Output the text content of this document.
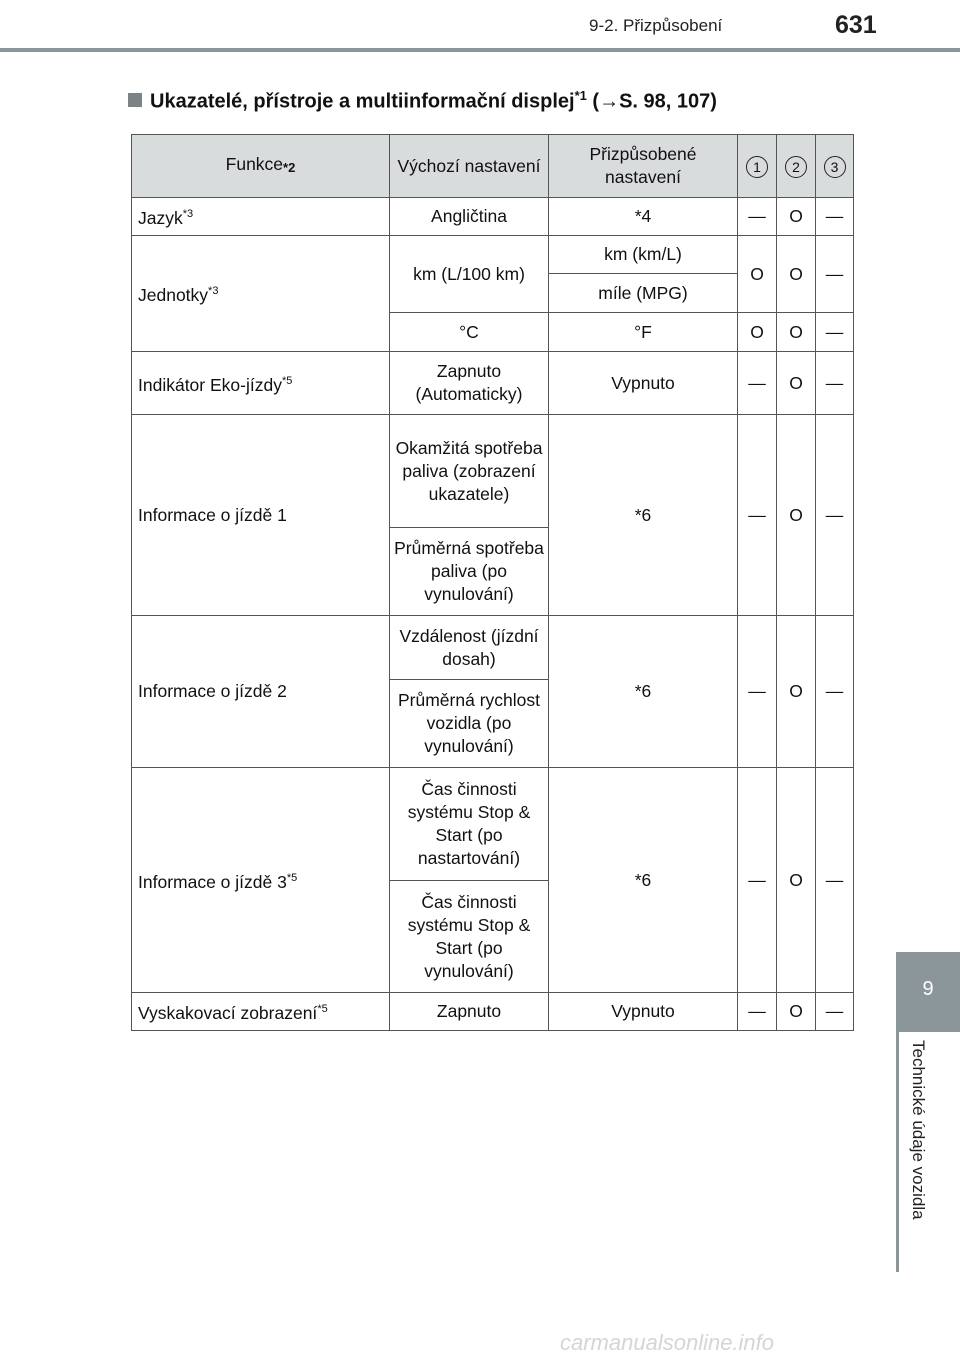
9-2. Přizpůsobení	631
Ukazatelé, přístroje a multiinformační displej$^{*1}$ (→S. 98, 107)
Funkce$^{*2}$	Výchozí nastavení	Přizpůsobené nastavení	1	2	3
Jazyk$^{*3}$	Angličtina	*4	—	O	—
Jednotky$^{*3}$	km (L/100 km)	km (km/L)	O	O	—
		míle (MPG)			
	°C	°F	O	O	—
Indikátor Eko-jízdy$^{*5}$	Zapnuto (Automaticky)	Vypnuto	—	O	—
Informace o jízdě 1	Okamžitá spotřeba paliva (zobrazení ukazatele)	*6	—	O	—
	Průměrná spotřeba paliva (po vynulování)				
Informace o jízdě 2	Vzdálenost (jízdní dosah)	*6	—	O	—
	Průměrná rychlost vozidla (po vynulování)				
Informace o jízdě 3$^{*5}$	Čas činnosti systému Stop & Start (po nastartování)	*6	—	O	—
	Čas činnosti systému Stop & Start (po vynulování)				
Vyskakovací zobrazení$^{*5}$	Zapnuto	Vypnuto	—	O	—
9
Technické údaje vozidla
carmanualsonline.info
